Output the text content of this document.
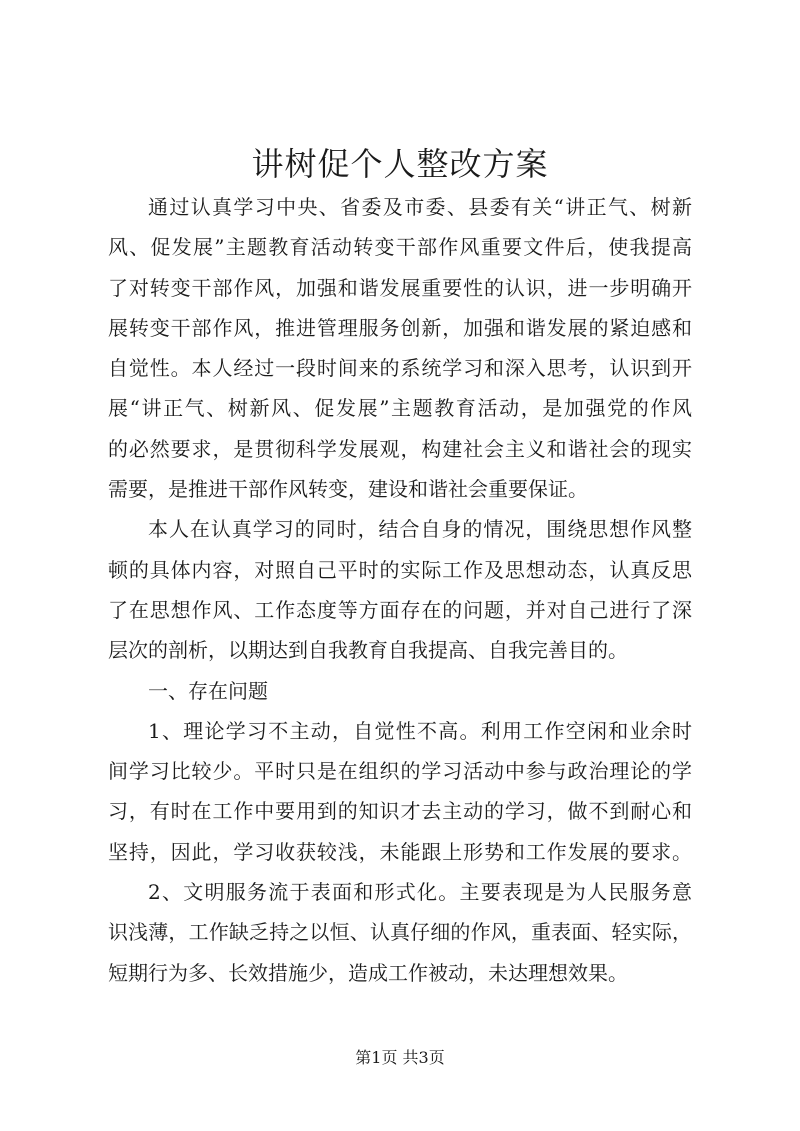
讲树促个人整改方案
通过认真学习中央、省委及市委、县委有关“讲正气、树新
风、促发展”主题教育活动转变干部作风重要文件后，使我提高
了对转变干部作风，加强和谐发展重要性的认识，进一步明确开
展转变干部作风，推进管理服务创新，加强和谐发展的紧迫感和
自觉性。本人经过一段时间来的系统学习和深入思考，认识到开
展“讲正气、树新风、促发展”主题教育活动，是加强党的作风
的必然要求，是贯彻科学发展观，构建社会主义和谐社会的现实
需要，是推进干部作风转变，建设和谐社会重要保证。
本人在认真学习的同时，结合自身的情况，围绕思想作风整
顿的具体内容，对照自己平时的实际工作及思想动态，认真反思
了在思想作风、工作态度等方面存在的问题，并对自己进行了深
层次的剖析，以期达到自我教育自我提高、自我完善目的。
一、存在问题
1、理论学习不主动，自觉性不高。利用工作空闲和业余时
间学习比较少。平时只是在组织的学习活动中参与政治理论的学
习，有时在工作中要用到的知识才去主动的学习，做不到耐心和
坚持，因此，学习收获较浅，未能跟上形势和工作发展的要求。
2、文明服务流于表面和形式化。主要表现是为人民服务意
识浅薄，工作缺乏持之以恒、认真仔细的作风，重表面、轻实际，
短期行为多、长效措施少，造成工作被动，未达理想效果。
第1页 共3页
